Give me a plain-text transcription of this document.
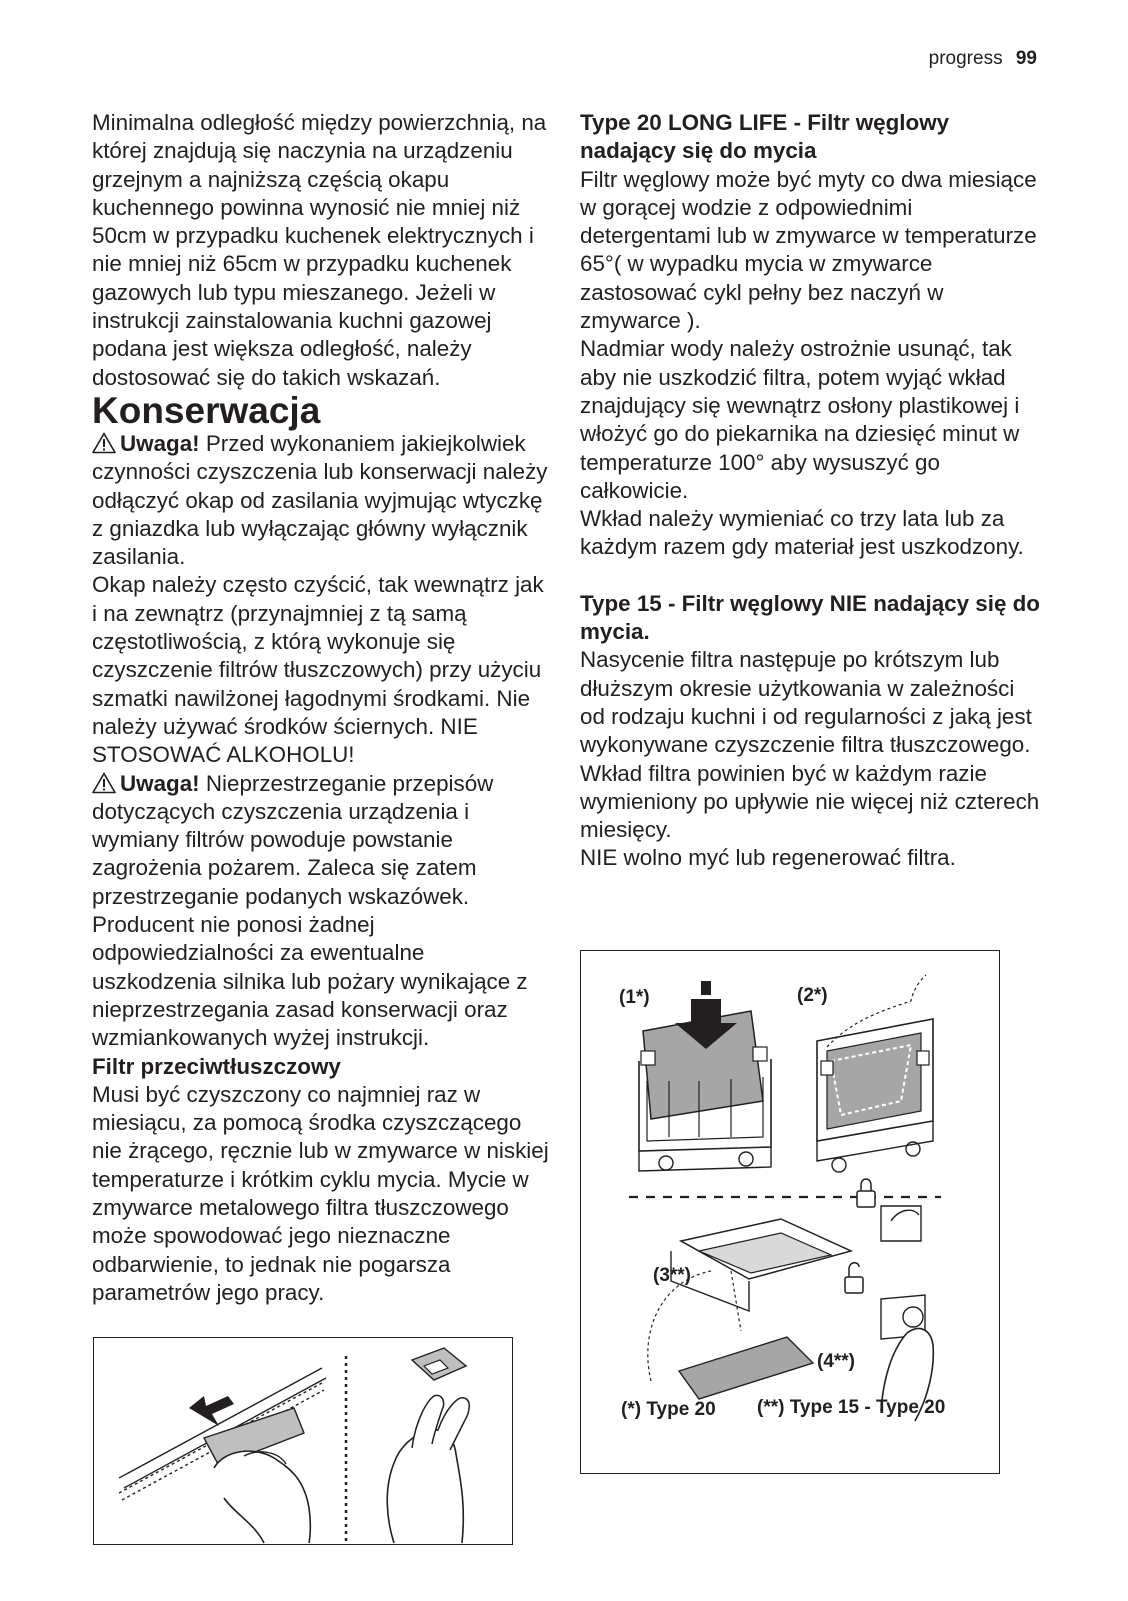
progress 99

Minimalna odległość między powierzchnią, na której znajdują się naczynia na urządzeniu grzejnym a najniższą częścią okapu kuchennego powinna wynosić nie mniej niż 50cm w przypadku kuchenek elektrycznych i nie mniej niż 65cm w przypadku kuchenek gazowych lub typu mieszanego. Jeżeli w instrukcji zainstalowania kuchni gazowej podana jest większa odległość, należy dostosować się do takich wskazań.

Konserwacja

Uwaga! Przed wykonaniem jakiejkolwiek czynności czyszczenia lub konserwacji należy odłączyć okap od zasilania wyjmując wtyczkę z gniazdka lub wyłączając główny wyłącznik zasilania.

Okap należy często czyścić, tak wewnątrz jak i na zewnątrz (przynajmniej z tą samą częstotliwością, z którą wykonuje się czyszczenie filtrów tłuszczowych) przy użyciu szmatki nawilżonej łagodnymi środkami. Nie należy używać środków ściernych. NIE STOSOWAĆ ALKOHOLU!

Uwaga! Nieprzestrzeganie przepisów dotyczących czyszczenia urządzenia i wymiany filtrów powoduje powstanie zagrożenia pożarem. Zaleca się zatem przestrzeganie podanych wskazówek. Producent nie ponosi żadnej odpowiedzialności za ewentualne uszkodzenia silnika lub pożary wynikające z nieprzestrzegania zasad konserwacji oraz wzmiankowanych wyżej instrukcji.

Filtr przeciwtłuszczowy

Musi być czyszczony co najmniej raz w miesiącu, za pomocą środka czyszczącego nie żrącego, ręcznie lub w zmywarce w niskiej temperaturze i krótkim cyklu mycia. Mycie w zmywarce metalowego filtra tłuszczowego może spowodować jego nieznaczne odbarwienie, to jednak nie pogarsza parametrów jego pracy.

Type 20 LONG LIFE - Filtr węglowy nadający się do mycia

Filtr węglowy może być myty co dwa miesiące w gorącej wodzie z odpowiednimi detergentami lub w zmywarce w temperaturze 65°( w wypadku mycia w zmywarce zastosować cykl pełny bez naczyń w zmywarce ).

Nadmiar wody należy ostrożnie usunąć, tak aby nie uszkodzić filtra, potem wyjąć wkład znajdujący się wewnątrz osłony plastikowej i włożyć go do piekarnika na dziesięć minut w temperaturze 100° aby wysuszyć go całkowicie.

Wkład należy wymieniać co trzy lata lub za każdym razem gdy materiał jest uszkodzony.

Type 15 - Filtr węglowy NIE nadający się do mycia.

Nasycenie filtra następuje po krótszym lub dłuższym okresie użytkowania w zależności od rodzaju kuchni i od regularności z jaką jest wykonywane czyszczenie filtra tłuszczowego. Wkład filtra powinien być w każdym razie wymieniony po upływie nie więcej niż czterech miesięcy.

NIE wolno myć lub regenerować filtra.

(1*)	(2*)
(3**)
(4**)
(*) Type 20 (**) Type 15 - Type 20
